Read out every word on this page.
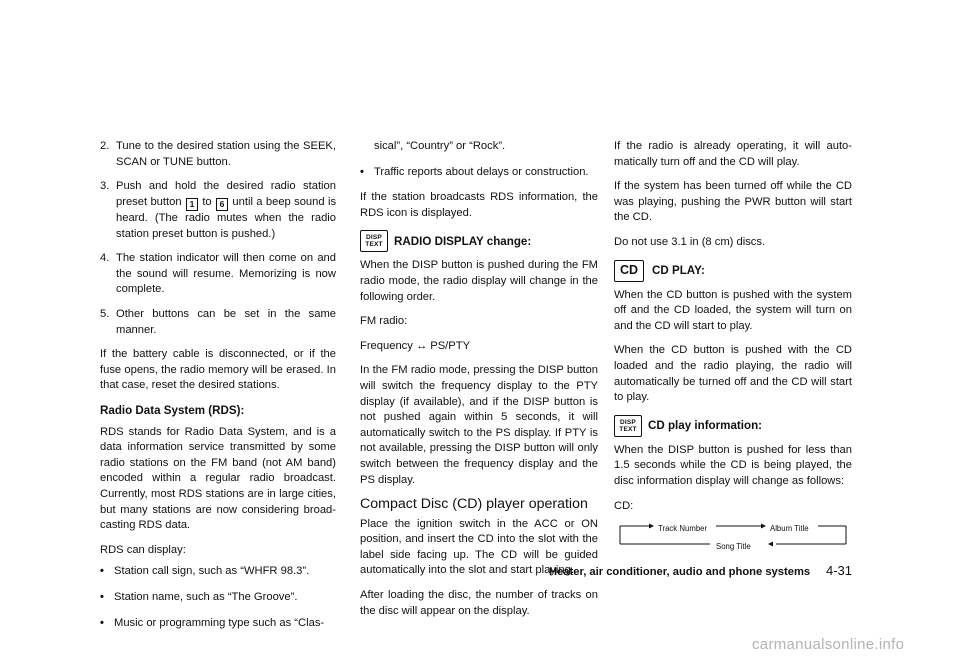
2. Tune to the desired station using the SEEK, SCAN or TUNE button.
3. Push and hold the desired radio station preset button 1 to 6 until a beep sound is heard. (The radio mutes when the radio station preset button is pushed.)
4. The station indicator will then come on and the sound will resume. Memorizing is now complete.
5. Other buttons can be set in the same manner.

If the battery cable is disconnected, or if the fuse opens, the radio memory will be erased. In that case, reset the desired stations.

Radio Data System (RDS):

RDS stands for Radio Data System, and is a data information service transmitted by some radio stations on the FM band (not AM band) encoded within a regular radio broadcast. Currently, most RDS stations are in large cities, but many stations are now considering broad-casting RDS data.

RDS can display:

• Station call sign, such as “WHFR 98.3”.
• Station name, such as “The Groove”.
• Music or programming type such as “Clas-
sical”, “Country” or “Rock”.
• Traffic reports about delays or construction.

If the station broadcasts RDS information, the RDS icon is displayed.

DISP
TEXT RADIO DISPLAY change:

When the DISP button is pushed during the FM radio mode, the radio display will change in the following order.

FM radio:

Frequency ↔ PS/PTY

In the FM radio mode, pressing the DISP button will switch the frequency display to the PTY display (if available), and if the DISP button is not pushed again within 5 seconds, it will automatically switch to the PS display. If PTY is not available, pressing the DISP button will only switch between the frequency display and the PS display.

Compact Disc (CD) player operation

Place the ignition switch in the ACC or ON position, and insert the CD into the slot with the label side facing up. The CD will be guided automatically into the slot and start playing.

After loading the disc, the number of tracks on the disc will appear on the display.

If the radio is already operating, it will auto-matically turn off and the CD will play.

If the system has been turned off while the CD was playing, pushing the PWR button will start the CD.

Do not use 3.1 in (8 cm) discs.

CD	CD PLAY:

When the CD button is pushed with the system off and the CD loaded, the system will turn on and the CD will start to play.

When the CD button is pushed with the CD loaded and the radio playing, the radio will automatically be turned off and the CD will start to play.

DISP
TEXT CD play information:

When the DISP button is pushed for less than 1.5 seconds while the CD is being played, the disc information display will change as follows:

CD:

Track Number	Album Title
Song Title
Heater, air conditioner, audio and phone systems 4-31
carmanualsonline.info
